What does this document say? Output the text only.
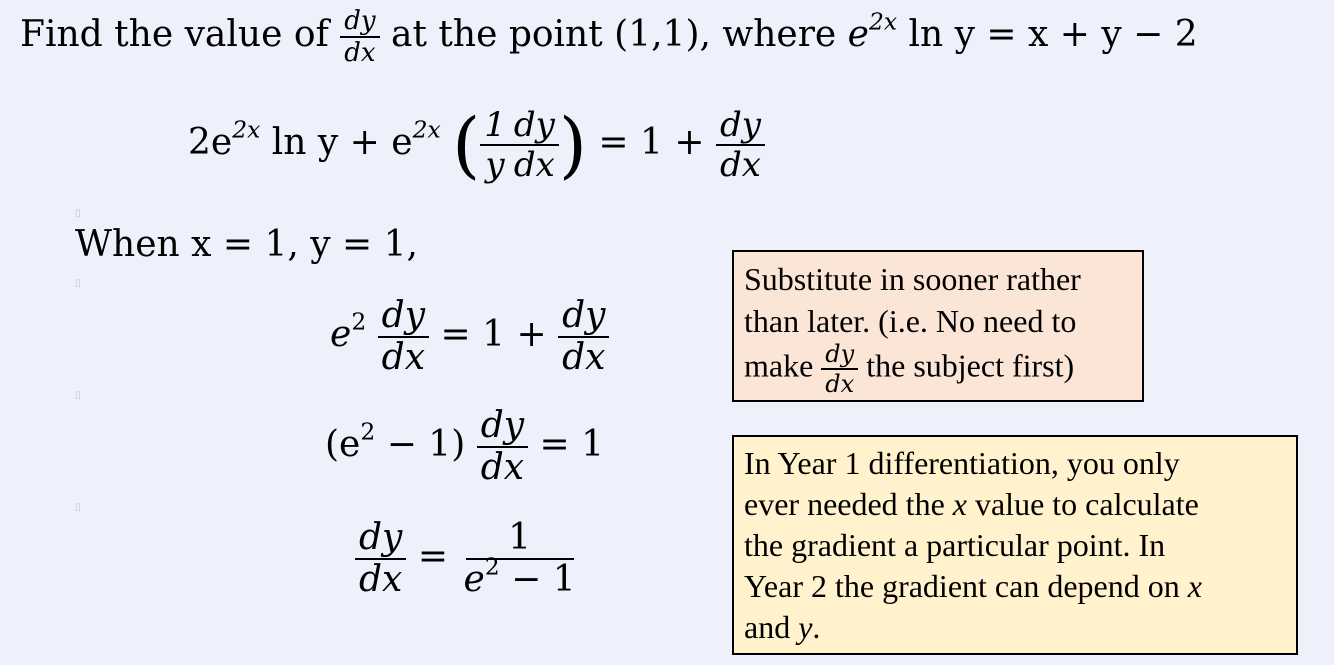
Find the value of $\frac{dy}{dx}$ at the point (1,1), where $e^{2x}$ ln y = x + y − 2
$2e^{2x}$ $\ln y + e^{2x}$ ( $\frac{1}{y} \frac{dy}{dx}$ ) = $1 + \frac{dy}{dx}$
▯
▯
▯
▯
When x = 1, y = 1,
$e^2 \frac{dy}{dx} = 1 + \frac{dy}{dx}$
$(e^2 - 1) \frac{dy}{dx} = 1$
$\frac{dy}{dx} = \frac{1}{e^2 - 1}$
Substitute in sooner rather
than later. (i.e. No need to
make $\frac{dy}{dx}$ the subject first)
In Year 1 differentiation, you only
ever needed the x value to calculate
the gradient a particular point. In
Year 2 the gradient can depend on x
and y.
